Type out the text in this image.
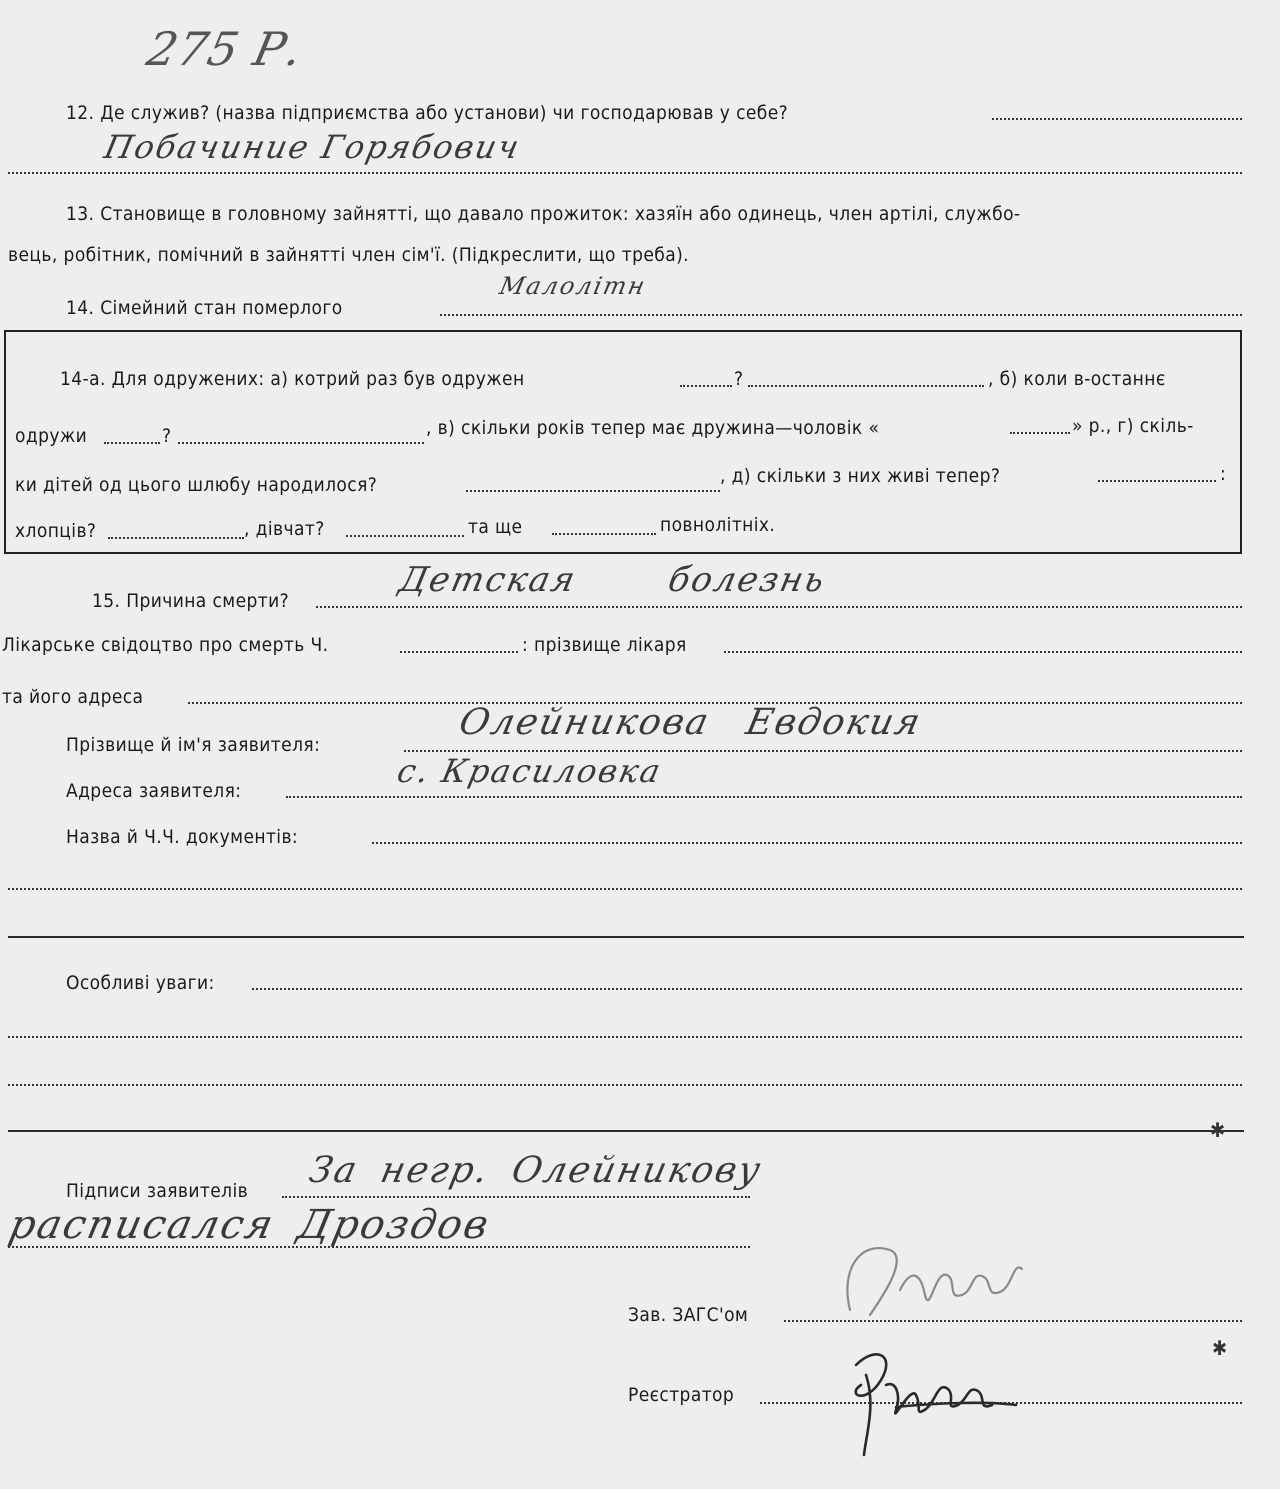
275 Р.
12. Де служив? (назва підприємства або установи) чи господарював у себе?
Побачиние Горябович
13. Становище в головному зайнятті, що давало прожиток: хазяїн або одинець, член артілі, службо-
вець, робітник, помічний в зайнятті член сім'ї. (Підкреслити, що треба).
14. Сімейний стан померлого
Малолітн
14-а. Для одружених: а) котрий раз був одружен	?	, б) коли в-останнє
одружи	?	, в) скільки років тепер має дружина—чоловік «	» р., г) скіль-
ки дітей од цього шлюбу народилося?	, д) скільки з них живі тепер?	:
хлопців?	, дівчат?	та ще	повнолітніх.
15. Причина смерти?
Детская болезнь
Лікарське свідоцтво про смерть Ч.	: прізвище лікаря
та його адреса
Прізвище й ім'я заявителя:
Олейникова Евдокия
Адреса заявителя:
с. Красиловка
Назва й Ч.Ч. документів:
Особливі уваги:
✱
Підписи заявителів За негр. Олейникову
расписался Дроздов
Зав. ЗАГС'ом
✱
Реєстратор
